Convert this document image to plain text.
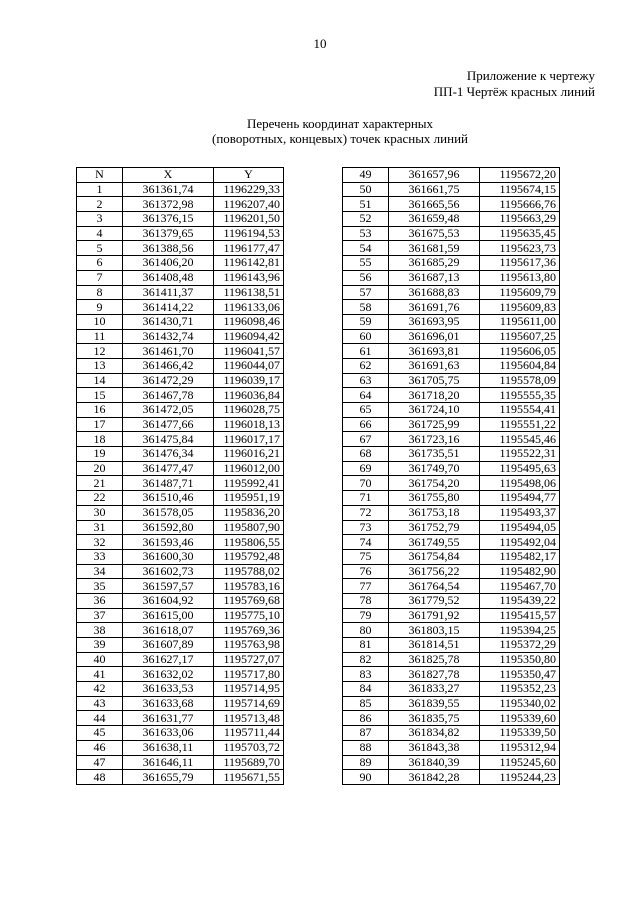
10
Приложение к чертежу
ПП-1 Чертёж красных линий
Перечень координат характерных
(поворотных, концевых) точек красных линий
N	X	Y
1	361361,74	1196229,33
2	361372,98	1196207,40
3	361376,15	1196201,50
4	361379,65	1196194,53
5	361388,56	1196177,47
6	361406,20	1196142,81
7	361408,48	1196143,96
8	361411,37	1196138,51
9	361414,22	1196133,06
10	361430,71	1196098,46
11	361432,74	1196094,42
12	361461,70	1196041,57
13	361466,42	1196044,07
14	361472,29	1196039,17
15	361467,78	1196036,84
16	361472,05	1196028,75
17	361477,66	1196018,13
18	361475,84	1196017,17
19	361476,34	1196016,21
20	361477,47	1196012,00
21	361487,71	1195992,41
22	361510,46	1195951,19
30	361578,05	1195836,20
31	361592,80	1195807,90
32	361593,46	1195806,55
33	361600,30	1195792,48
34	361602,73	1195788,02
35	361597,57	1195783,16
36	361604,92	1195769,68
37	361615,00	1195775,10
38	361618,07	1195769,36
39	361607,89	1195763,98
40	361627,17	1195727,07
41	361632,02	1195717,80
42	361633,53	1195714,95
43	361633,68	1195714,69
44	361631,77	1195713,48
45	361633,06	1195711,44
46	361638,11	1195703,72
47	361646,11	1195689,70
48	361655,79	1195671,55
49	361657,96	1195672,20
50	361661,75	1195674,15
51	361665,56	1195666,76
52	361659,48	1195663,29
53	361675,53	1195635,45
54	361681,59	1195623,73
55	361685,29	1195617,36
56	361687,13	1195613,80
57	361688,83	1195609,79
58	361691,76	1195609,83
59	361693,95	1195611,00
60	361696,01	1195607,25
61	361693,81	1195606,05
62	361691,63	1195604,84
63	361705,75	1195578,09
64	361718,20	1195555,35
65	361724,10	1195554,41
66	361725,99	1195551,22
67	361723,16	1195545,46
68	361735,51	1195522,31
69	361749,70	1195495,63
70	361754,20	1195498,06
71	361755,80	1195494,77
72	361753,18	1195493,37
73	361752,79	1195494,05
74	361749,55	1195492,04
75	361754,84	1195482,17
76	361756,22	1195482,90
77	361764,54	1195467,70
78	361779,52	1195439,22
79	361791,92	1195415,57
80	361803,15	1195394,25
81	361814,51	1195372,29
82	361825,78	1195350,80
83	361827,78	1195350,47
84	361833,27	1195352,23
85	361839,55	1195340,02
86	361835,75	1195339,60
87	361834,82	1195339,50
88	361843,38	1195312,94
89	361840,39	1195245,60
90	361842,28	1195244,23
